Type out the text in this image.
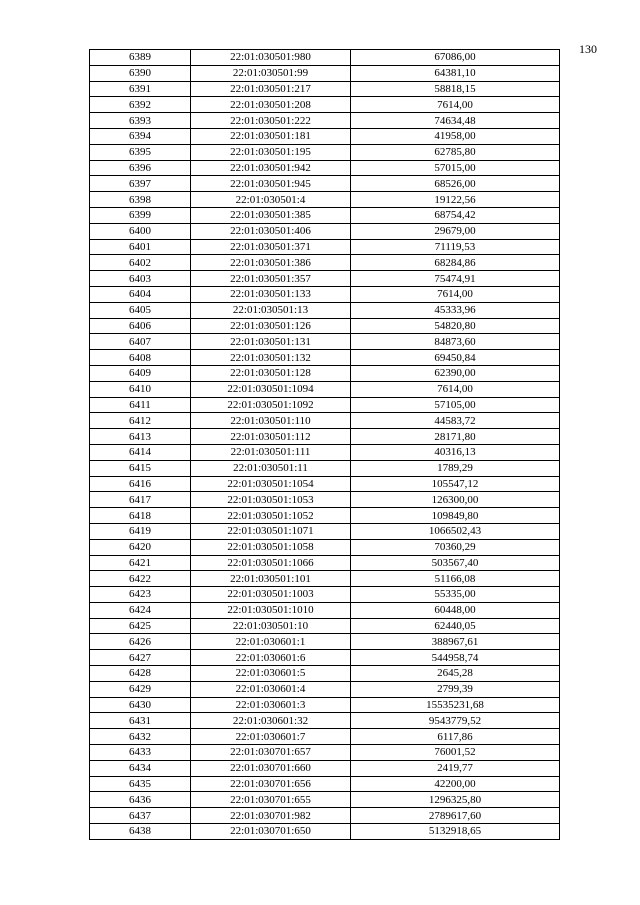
130
6389	22:01:030501:980	67086,00
6390	22:01:030501:99	64381,10
6391	22:01:030501:217	58818,15
6392	22:01:030501:208	7614,00
6393	22:01:030501:222	74634,48
6394	22:01:030501:181	41958,00
6395	22:01:030501:195	62785,80
6396	22:01:030501:942	57015,00
6397	22:01:030501:945	68526,00
6398	22:01:030501:4	19122,56
6399	22:01:030501:385	68754,42
6400	22:01:030501:406	29679,00
6401	22:01:030501:371	71119,53
6402	22:01:030501:386	68284,86
6403	22:01:030501:357	75474,91
6404	22:01:030501:133	7614,00
6405	22:01:030501:13	45333,96
6406	22:01:030501:126	54820,80
6407	22:01:030501:131	84873,60
6408	22:01:030501:132	69450,84
6409	22:01:030501:128	62390,00
6410	22:01:030501:1094	7614,00
6411	22:01:030501:1092	57105,00
6412	22:01:030501:110	44583,72
6413	22:01:030501:112	28171,80
6414	22:01:030501:111	40316,13
6415	22:01:030501:11	1789,29
6416	22:01:030501:1054	105547,12
6417	22:01:030501:1053	126300,00
6418	22:01:030501:1052	109849,80
6419	22:01:030501:1071	1066502,43
6420	22:01:030501:1058	70360,29
6421	22:01:030501:1066	503567,40
6422	22:01:030501:101	51166,08
6423	22:01:030501:1003	55335,00
6424	22:01:030501:1010	60448,00
6425	22:01:030501:10	62440,05
6426	22:01:030601:1	388967,61
6427	22:01:030601:6	544958,74
6428	22:01:030601:5	2645,28
6429	22:01:030601:4	2799,39
6430	22:01:030601:3	15535231,68
6431	22:01:030601:32	9543779,52
6432	22:01:030601:7	6117,86
6433	22:01:030701:657	76001,52
6434	22:01:030701:660	2419,77
6435	22:01:030701:656	42200,00
6436	22:01:030701:655	1296325,80
6437	22:01:030701:982	2789617,60
6438	22:01:030701:650	5132918,65
